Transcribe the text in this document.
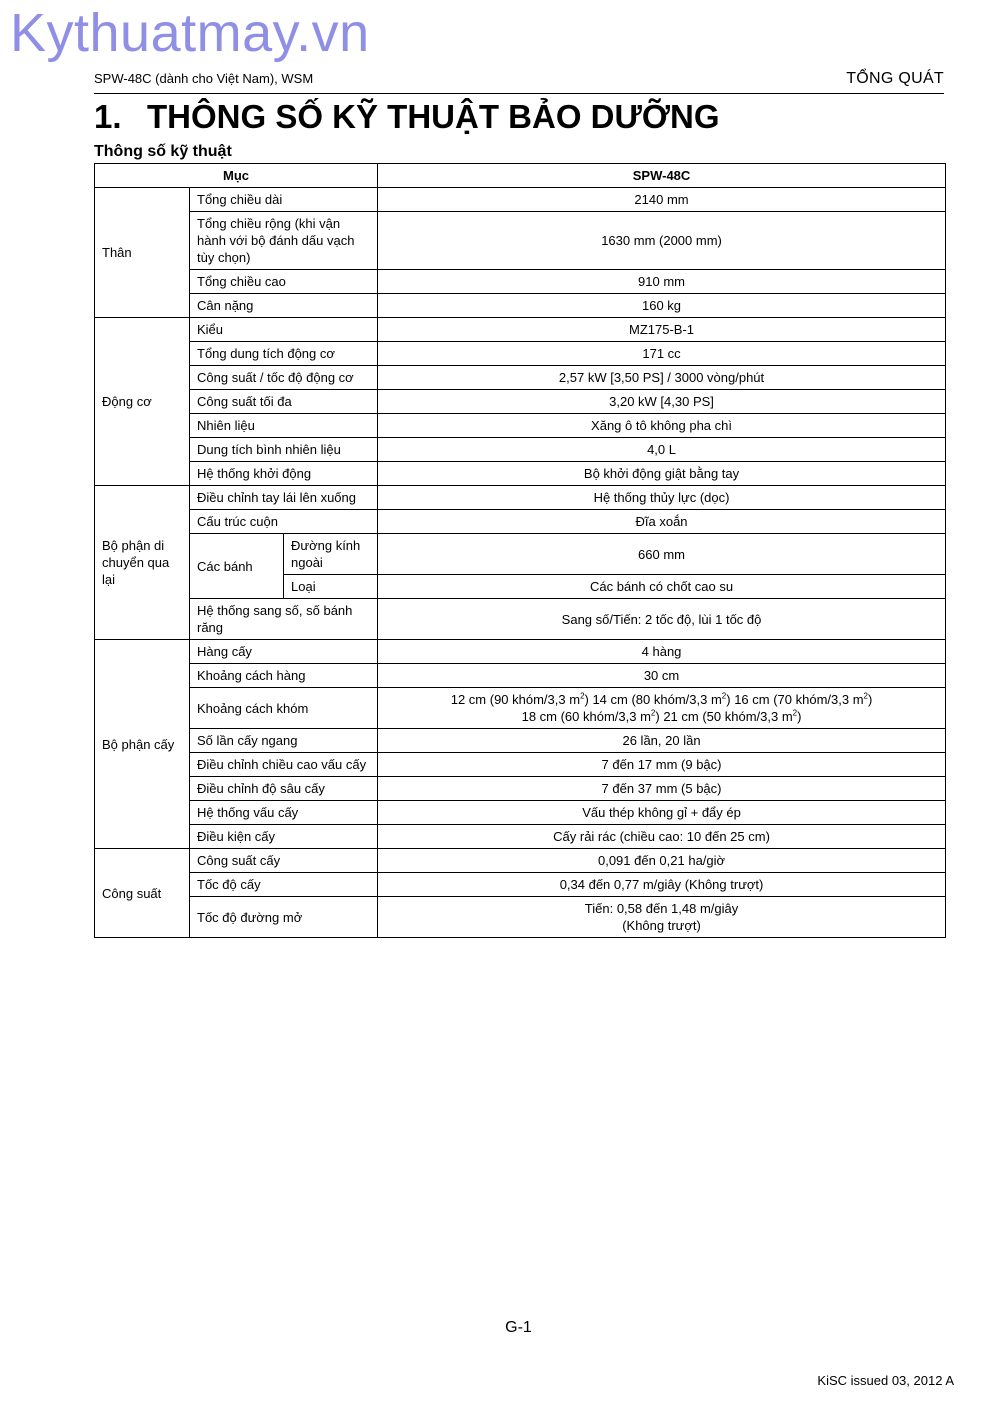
Kythuatmay.vn
SPW-48C (dành cho Việt Nam), WSM	TỔNG QUÁT
1. THÔNG SỐ KỸ THUẬT BẢO DƯỠNG
Thông số kỹ thuật
Mục			SPW-48C
Thân	Tổng chiều dài		2140 mm
	Tổng chiều rộng (khi vận hành với bộ đánh dấu vạch tùy chọn)		1630 mm (2000 mm)
	Tổng chiều cao		910 mm
	Cân nặng		160 kg
Động cơ	Kiểu		MZ175-B-1
	Tổng dung tích động cơ		171 cc
	Công suất / tốc độ động cơ		2,57 kW [3,50 PS] / 3000 vòng/phút
	Công suất tối đa		3,20 kW [4,30 PS]
	Nhiên liệu		Xăng ô tô không pha chì
	Dung tích bình nhiên liệu		4,0 L
	Hệ thống khởi động		Bộ khởi động giật bằng tay
Bộ phận di chuyển qua lại	Điều chỉnh tay lái lên xuống		Hệ thống thủy lực (dọc)
	Cấu trúc cuộn		Đĩa xoắn
	Các bánh	Đường kính ngoài	660 mm
		Loại	Các bánh có chốt cao su
	Hệ thống sang số, số bánh răng		Sang số/Tiến: 2 tốc độ, lùi 1 tốc độ
Bộ phận cấy	Hàng cấy		4 hàng
	Khoảng cách hàng		30 cm
	Khoảng cách khóm		12 cm (90 khóm/3,3 $m^2$) 14 cm (80 khóm/3,3 $m^2$) 16 cm (70 khóm/3,3 $m^2$)
18 cm (60 khóm/3,3 $m^2$) 21 cm (50 khóm/3,3 $m^2$)
	Số lần cấy ngang		26 lần, 20 lần
	Điều chỉnh chiều cao vấu cấy		7 đến 17 mm (9 bậc)
	Điều chỉnh độ sâu cấy		7 đến 37 mm (5 bậc)
	Hệ thống vấu cấy		Vấu thép không gỉ + đẩy ép
	Điều kiện cấy		Cấy rải rác (chiều cao: 10 đến 25 cm)
Công suất	Công suất cấy		0,091 đến 0,21 ha/giờ
	Tốc độ cấy		0,34 đến 0,77 m/giây (Không trượt)
	Tốc độ đường mở		Tiến: 0,58 đến 1,48 m/giây
(Không trượt)
G-1
KiSC issued 03, 2012 A
